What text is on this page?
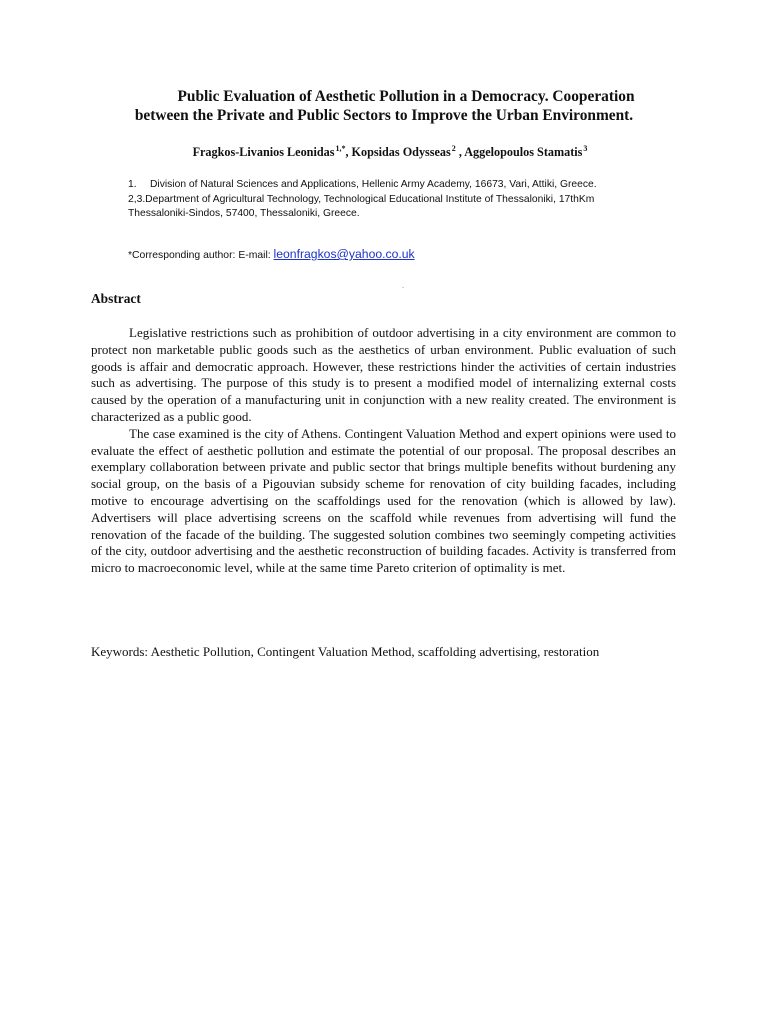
Public Evaluation of Aesthetic Pollution in a Democracy. Cooperation
between the Private and Public Sectors to Improve the Urban Environment.
Fragkos-Livanios Leonidas$^{1,*}$, Kopsidas Odysseas$^2$ , Aggelopoulos Stamatis$^3$
1. Division of Natural Sciences and Applications, Hellenic Army Academy, 16673, Vari, Attiki, Greece.
2,3.Department of Agricultural Technology, Technological Educational Institute of Thessaloniki, 17thKm
Thessaloniki-Sindos, 57400, Thessaloniki, Greece.
*Corresponding author: E-mail: leonfragkos@yahoo.co.uk
.
Abstract

Legislative restrictions such as prohibition of outdoor advertising in a city environment are common to protect non marketable public goods such as the aesthetics of urban environment. Public evaluation of such goods is affair and democratic approach. However, these restrictions hinder the activities of certain industries such as advertising. The purpose of this study is to present a modified model of internalizing external costs caused by the operation of a manufacturing unit in conjunction with a new reality created. The environment is characterized as a public good.

The case examined is the city of Athens. Contingent Valuation Method and expert opinions were used to evaluate the effect of aesthetic pollution and estimate the potential of our proposal. The proposal describes an exemplary collaboration between private and public sector that brings multiple benefits without burdening any social group, on the basis of a Pigouvian subsidy scheme for renovation of city building facades, including motive to encourage advertising on the scaffoldings used for the renovation (which is allowed by law). Advertisers will place advertising screens on the scaffold while revenues from advertising will fund the renovation of the facade of the building. The suggested solution combines two seemingly competing activities of the city, outdoor advertising and the aesthetic reconstruction of building facades. Activity is transferred from micro to macroeconomic level, while at the same time Pareto criterion of optimality is met.

Keywords: Aesthetic Pollution, Contingent Valuation Method, scaffolding advertising, restoration
